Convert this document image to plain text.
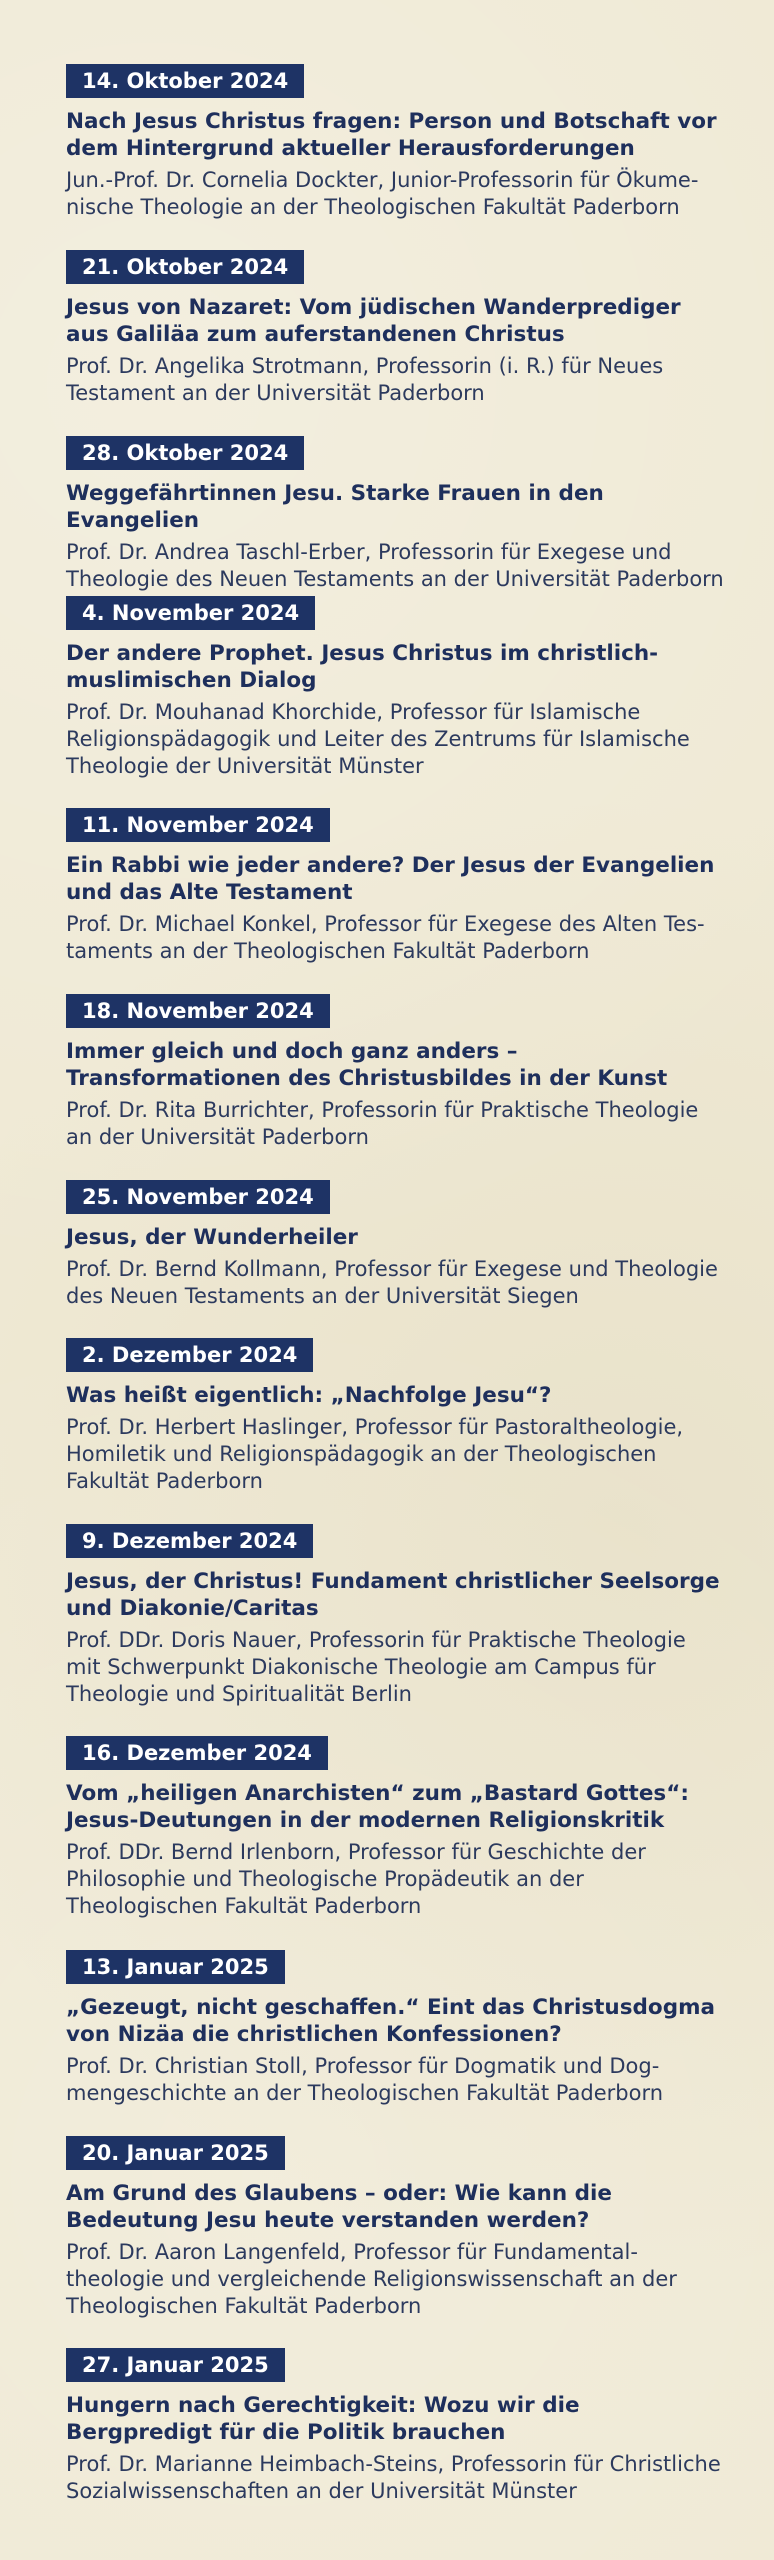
14. Oktober 2024
Nach Jesus Christus fragen: Person und Botschaft vor dem Hintergrund aktueller Herausforderungen
Jun.-Prof. Dr. Cornelia Dockter, Junior-Professorin für Ökume-nische Theologie an der Theologischen Fakultät Paderborn
21. Oktober 2024
Jesus von Nazaret: Vom jüdischen Wanderprediger aus Galiläa zum auferstandenen Christus
Prof. Dr. Angelika Strotmann, Professorin (i. R.) für Neues Testament an der Universität Paderborn
28. Oktober 2024
Weggefährtinnen Jesu. Starke Frauen in den Evangelien
Prof. Dr. Andrea Taschl-Erber, Professorin für Exegese und Theologie des Neuen Testaments an der Universität Paderborn
4. November 2024
Der andere Prophet. Jesus Christus im christlich-muslimischen Dialog
Prof. Dr. Mouhanad Khorchide, Professor für Islamische Religionspädagogik und Leiter des Zentrums für Islamische Theologie der Universität Münster
11. November 2024
Ein Rabbi wie jeder andere? Der Jesus der Evangelien und das Alte Testament
Prof. Dr. Michael Konkel, Professor für Exegese des Alten Tes-taments an der Theologischen Fakultät Paderborn
18. November 2024
Immer gleich und doch ganz anders – Transformationen des Christusbildes in der Kunst
Prof. Dr. Rita Burrichter, Professorin für Praktische Theologie an der Universität Paderborn
25. November 2024
Jesus, der Wunderheiler
Prof. Dr. Bernd Kollmann, Professor für Exegese und Theologie des Neuen Testaments an der Universität Siegen
2. Dezember 2024
Was heißt eigentlich: „Nachfolge Jesu“?
Prof. Dr. Herbert Haslinger, Professor für Pastoraltheologie, Homiletik und Religionspädagogik an der Theologischen Fakultät Paderborn
9. Dezember 2024
Jesus, der Christus! Fundament christlicher Seelsorge und Diakonie/Caritas
Prof. DDr. Doris Nauer, Professorin für Praktische Theologie mit Schwerpunkt Diakonische Theologie am Campus für Theologie und Spiritualität Berlin
16. Dezember 2024
Vom „heiligen Anarchisten“ zum „Bastard Gottes“: Jesus-Deutungen in der modernen Religionskritik
Prof. DDr. Bernd Irlenborn, Professor für Geschichte der Philosophie und Theologische Propädeutik an der Theologischen Fakultät Paderborn
13. Januar 2025
„Gezeugt, nicht geschaffen.“ Eint das Christusdogma von Nizäa die christlichen Konfessionen?
Prof. Dr. Christian Stoll, Professor für Dogmatik und Dog-mengeschichte an der Theologischen Fakultät Paderborn
20. Januar 2025
Am Grund des Glaubens – oder: Wie kann die Bedeutung Jesu heute verstanden werden?
Prof. Dr. Aaron Langenfeld, Professor für Fundamental-theologie und vergleichende Religionswissenschaft an der Theologischen Fakultät Paderborn
27. Januar 2025
Hungern nach Gerechtigkeit: Wozu wir die Bergpredigt für die Politik brauchen
Prof. Dr. Marianne Heimbach-Steins, Professorin für Christliche Sozialwissenschaften an der Universität Münster
